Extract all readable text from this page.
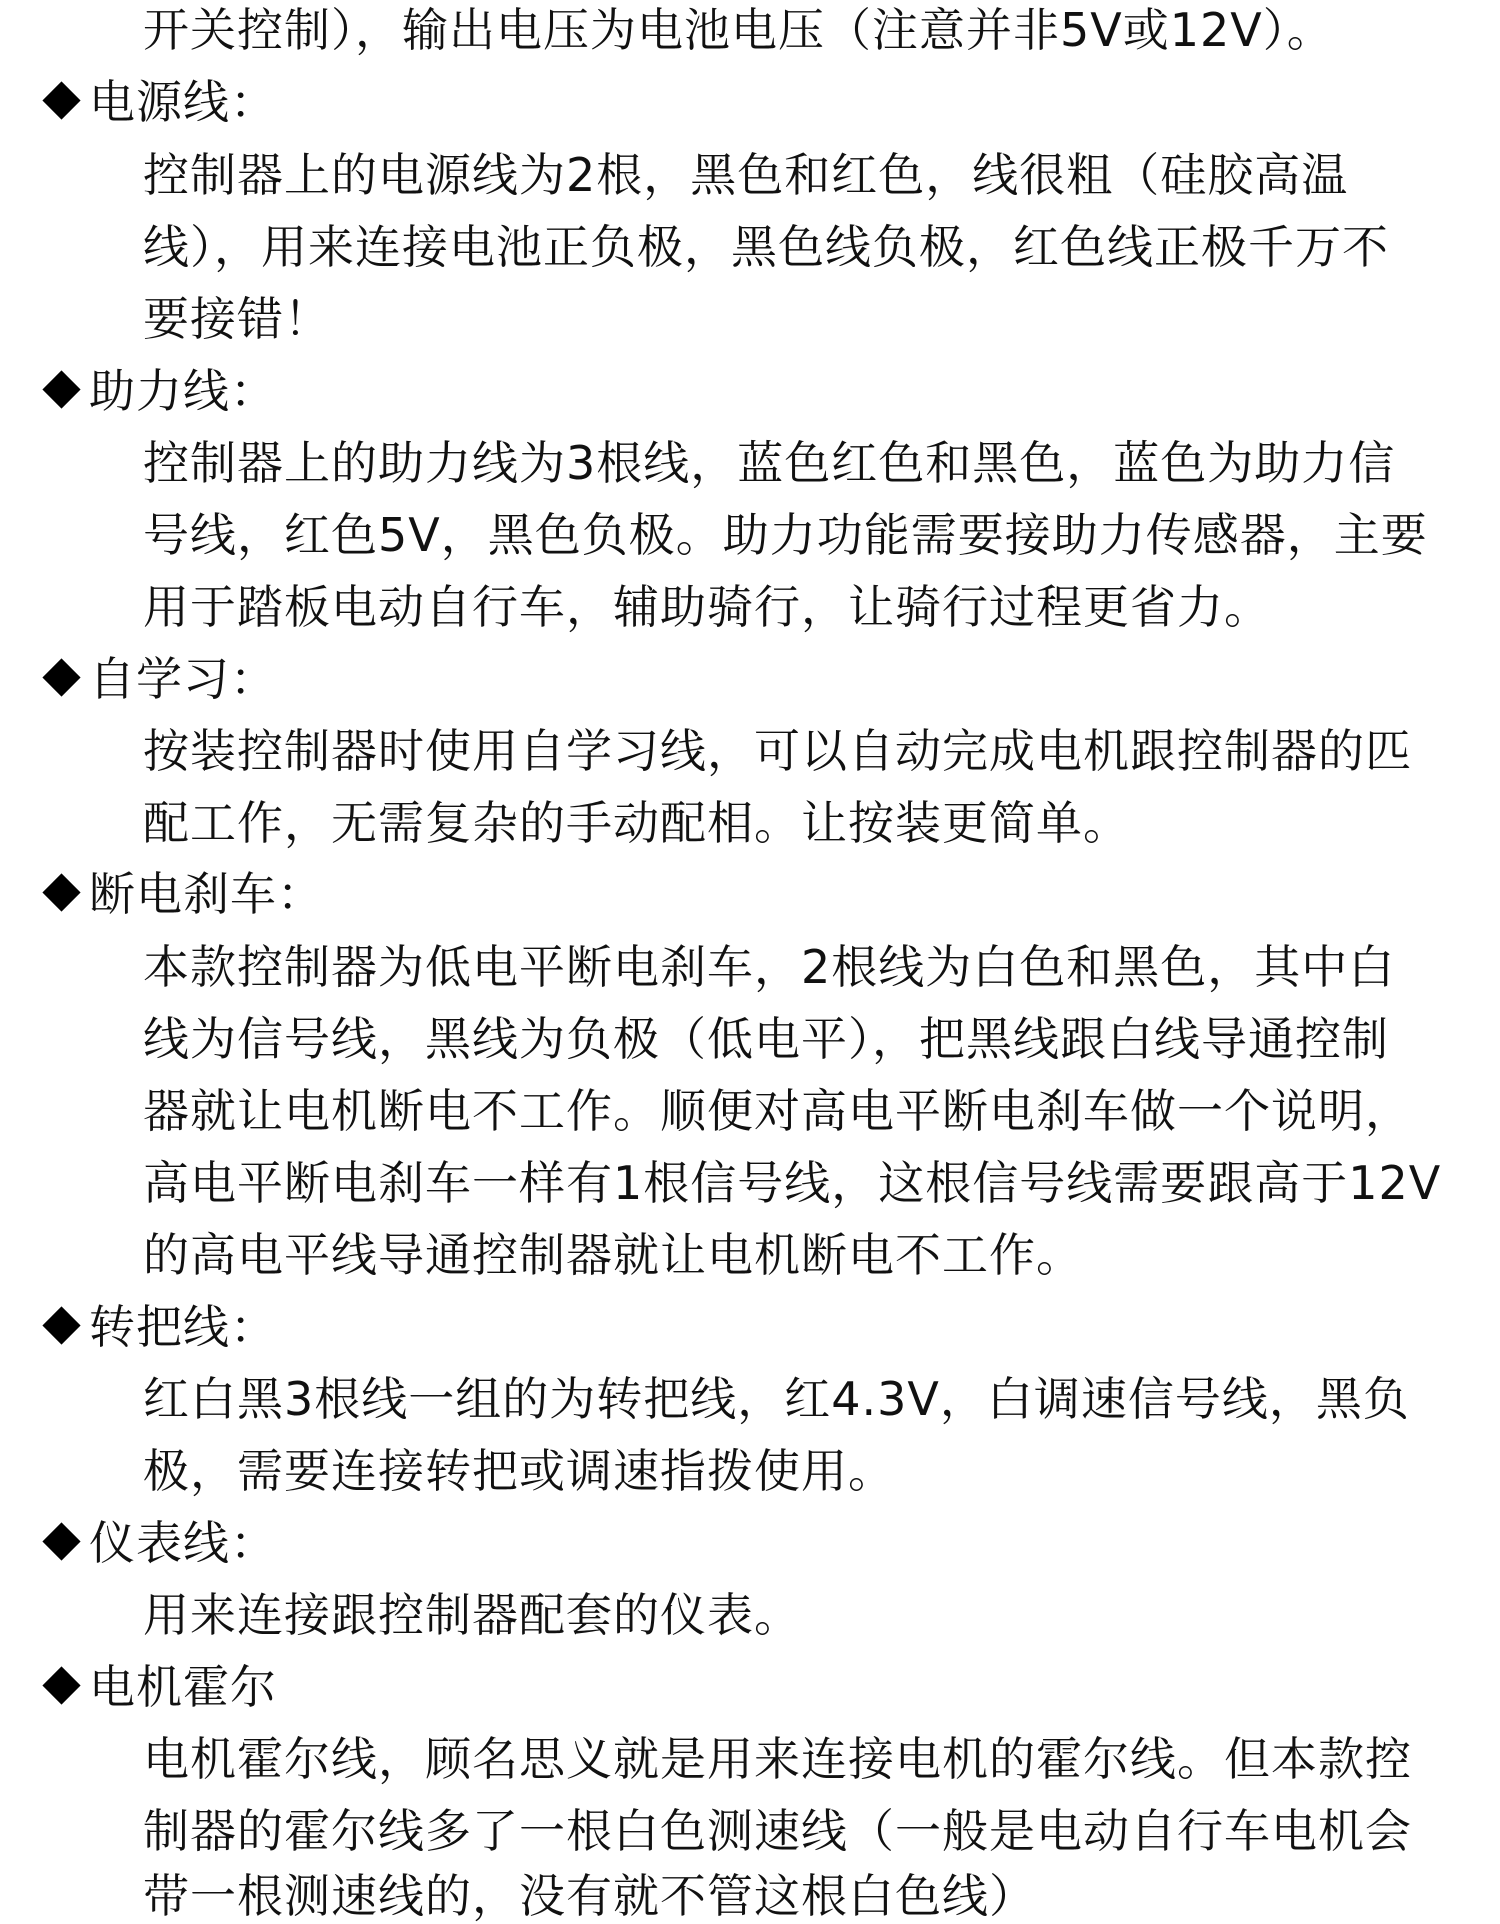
开关控制），输出电压为电池电压（注意并非5V或12V）。
电源线：
控制器上的电源线为2根，黑色和红色，线很粗（硅胶高温
线），用来连接电池正负极，黑色线负极，红色线正极千万不
要接错！
助力线：
控制器上的助力线为3根线，蓝色红色和黑色，蓝色为助力信
号线，红色5V，黑色负极。助力功能需要接助力传感器，主要
用于踏板电动自行车，辅助骑行，让骑行过程更省力。
自学习：
按装控制器时使用自学习线，可以自动完成电机跟控制器的匹
配工作，无需复杂的手动配相。让按装更简单。
断电刹车：
本款控制器为低电平断电刹车，2根线为白色和黑色，其中白
线为信号线，黑线为负极（低电平），把黑线跟白线导通控制
器就让电机断电不工作。顺便对高电平断电刹车做一个说明，
高电平断电刹车一样有1根信号线，这根信号线需要跟高于12V
的高电平线导通控制器就让电机断电不工作。
转把线：
红白黑3根线一组的为转把线，红4.3V，白调速信号线，黑负
极，需要连接转把或调速指拨使用。
仪表线：
用来连接跟控制器配套的仪表。
电机霍尔
电机霍尔线，顾名思义就是用来连接电机的霍尔线。但本款控
制器的霍尔线多了一根白色测速线（一般是电动自行车电机会
带一根测速线的，没有就不管这根白色线）
